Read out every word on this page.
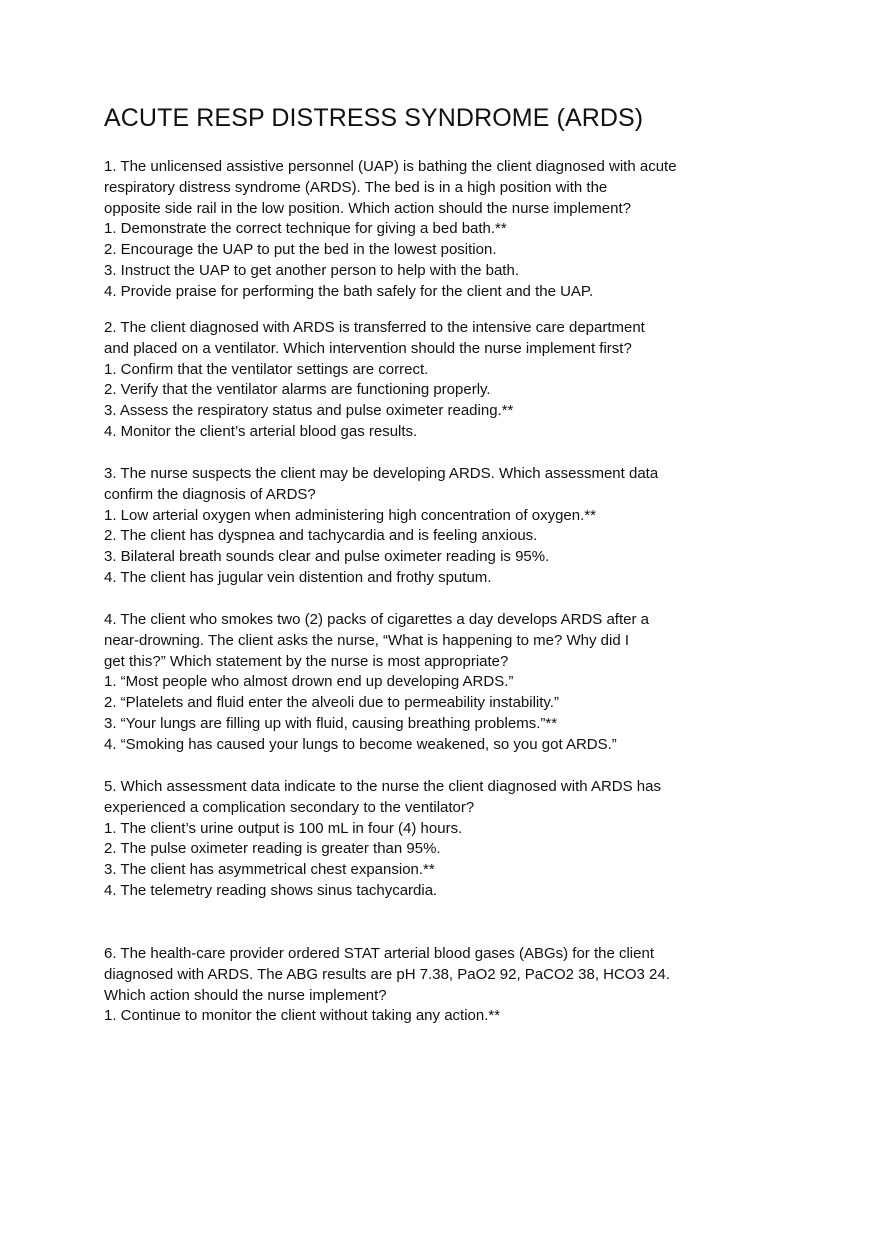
ACUTE RESP DISTRESS SYNDROME (ARDS)
1. The unlicensed assistive personnel (UAP) is bathing the client diagnosed with acute
respiratory distress syndrome (ARDS). The bed is in a high position with the
opposite side rail in the low position. Which action should the nurse implement?
1. Demonstrate the correct technique for giving a bed bath.**
2. Encourage the UAP to put the bed in the lowest position.
3. Instruct the UAP to get another person to help with the bath.
4. Provide praise for performing the bath safely for the client and the UAP.
2. The client diagnosed with ARDS is transferred to the intensive care department
and placed on a ventilator. Which intervention should the nurse implement first?
1. Confirm that the ventilator settings are correct.
2. Verify that the ventilator alarms are functioning properly.
3. Assess the respiratory status and pulse oximeter reading.**
4. Monitor the client’s arterial blood gas results.
3. The nurse suspects the client may be developing ARDS. Which assessment data
confirm the diagnosis of ARDS?
1. Low arterial oxygen when administering high concentration of oxygen.**
2. The client has dyspnea and tachycardia and is feeling anxious.
3. Bilateral breath sounds clear and pulse oximeter reading is 95%.
4. The client has jugular vein distention and frothy sputum.
4. The client who smokes two (2) packs of cigarettes a day develops ARDS after a
near-drowning. The client asks the nurse, “What is happening to me? Why did I
get this?” Which statement by the nurse is most appropriate?
1. “Most people who almost drown end up developing ARDS.”
2. “Platelets and fluid enter the alveoli due to permeability instability.”
3. “Your lungs are filling up with fluid, causing breathing problems.”**
4. “Smoking has caused your lungs to become weakened, so you got ARDS.”
5. Which assessment data indicate to the nurse the client diagnosed with ARDS has
experienced a complication secondary to the ventilator?
1. The client’s urine output is 100 mL in four (4) hours.
2. The pulse oximeter reading is greater than 95%.
3. The client has asymmetrical chest expansion.**
4. The telemetry reading shows sinus tachycardia.
6. The health-care provider ordered STAT arterial blood gases (ABGs) for the client
diagnosed with ARDS. The ABG results are pH 7.38, PaO2 92, PaCO2 38, HCO3 24.
Which action should the nurse implement?
1. Continue to monitor the client without taking any action.**
